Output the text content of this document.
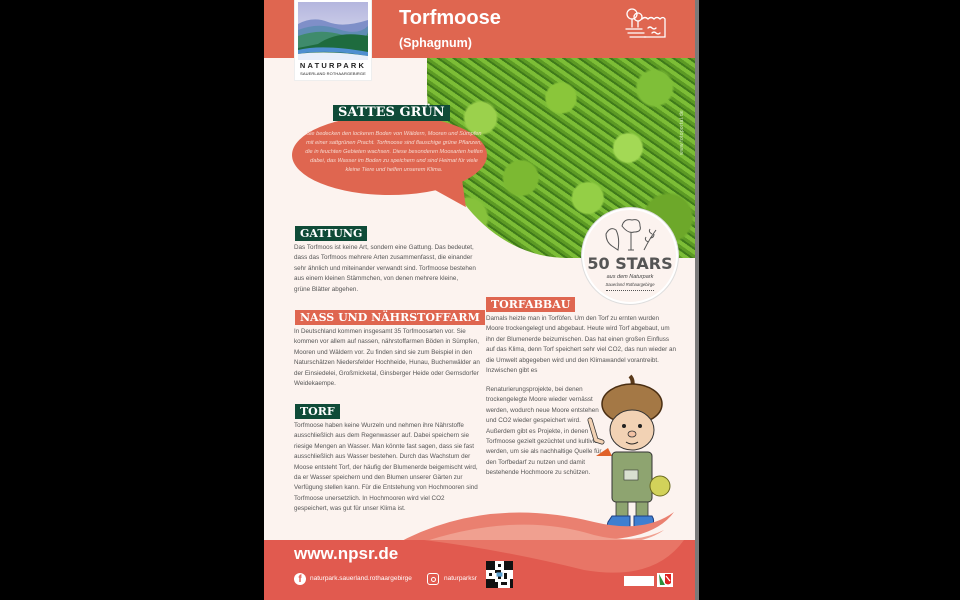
www.fotoportal.de
NATURPARK
SAUERLAND ROTHAARGEBIRGE
Torfmoose
(Sphagnum)
SATTES GRÜN
Sie bedecken den lockeren Boden von Wäldern, Mooren und Sümpfen mit einer sattgrünen Pracht. Torfmoose sind flauschige grüne Pflanzen, die in feuchten Gebieten wachsen. Diese besonderen Moosarten helfen dabei, das Wasser im Boden zu speichern und sind Heimat für viele kleine Tiere und helfen unserem Klima.
GATTUNG
Das Torfmoos ist keine Art, sondern eine Gattung. Das bedeutet, dass das Torfmoos mehrere Arten zusammenfasst, die einander sehr ähnlich und miteinander verwandt sind. Torfmoose bestehen aus einem kleinen Stämmchen, von denen mehrere kleine, grüne Blätter abgehen.
NASS UND NÄHRSTOFFARM
In Deutschland kommen insgesamt 35 Torfmoosarten vor. Sie kommen vor allem auf nassen, nährstoffarmen Böden in Sümpfen, Mooren und Wäldern vor. Zu finden sind sie zum Beispiel in den Naturschätzen Niedersfelder Hochheide, Hunau, Buchenwälder an der Einsiedelei, Großmicketal, Ginsberger Heide oder Gernsdorfer Weidekaempe.
TORF
Torfmoose haben keine Wurzeln und nehmen ihre Nährstoffe ausschließlich aus dem Regenwasser auf. Dabei speichern sie riesige Mengen an Wasser. Man könnte fast sagen, dass sie fast ausschließlich aus Wasser bestehen. Durch das Wachstum der Moose entsteht Torf, der häufig der Blumenerde beigemischt wird, da er Wasser speichern und den Blumen unserer Gärten zur Verfügung stellen kann. Für die Entstehung von Hochmooren sind Torfmoose unersetzlich. In Hochmooren wird viel CO2 gespeichert, was gut für unser Klima ist.
TORFABBAU
Damals heizte man in Torföfen. Um den Torf zu ernten wurden Moore trockengelegt und abgebaut. Heute wird Torf abgebaut, um ihn der Blumenerde beizumischen. Das hat einen großen Einfluss auf das Klima, denn Torf speichert sehr viel CO2, das nun wieder an die Umwelt abgegeben wird und den Klimawandel vorantreibt. Inzwischen gibt es
Renaturierungsprojekte, bei denen trockengelegte Moore wieder vernässt werden, wodurch neue Moore entstehen und CO2 wieder gespeichert wird. Außerdem gibt es Projekte, in denen Torfmoose gezielt gezüchtet und kultiviert werden, um sie als nachhaltige Quelle für den Torfbedarf zu nutzen und damit bestehende Hochmoore zu schützen.
50 STARS
aus dem Naturpark
Sauerland Rothaargebirge
www.npsr.de
f	naturpark.sauerland.rothaargebirge	naturparksr
